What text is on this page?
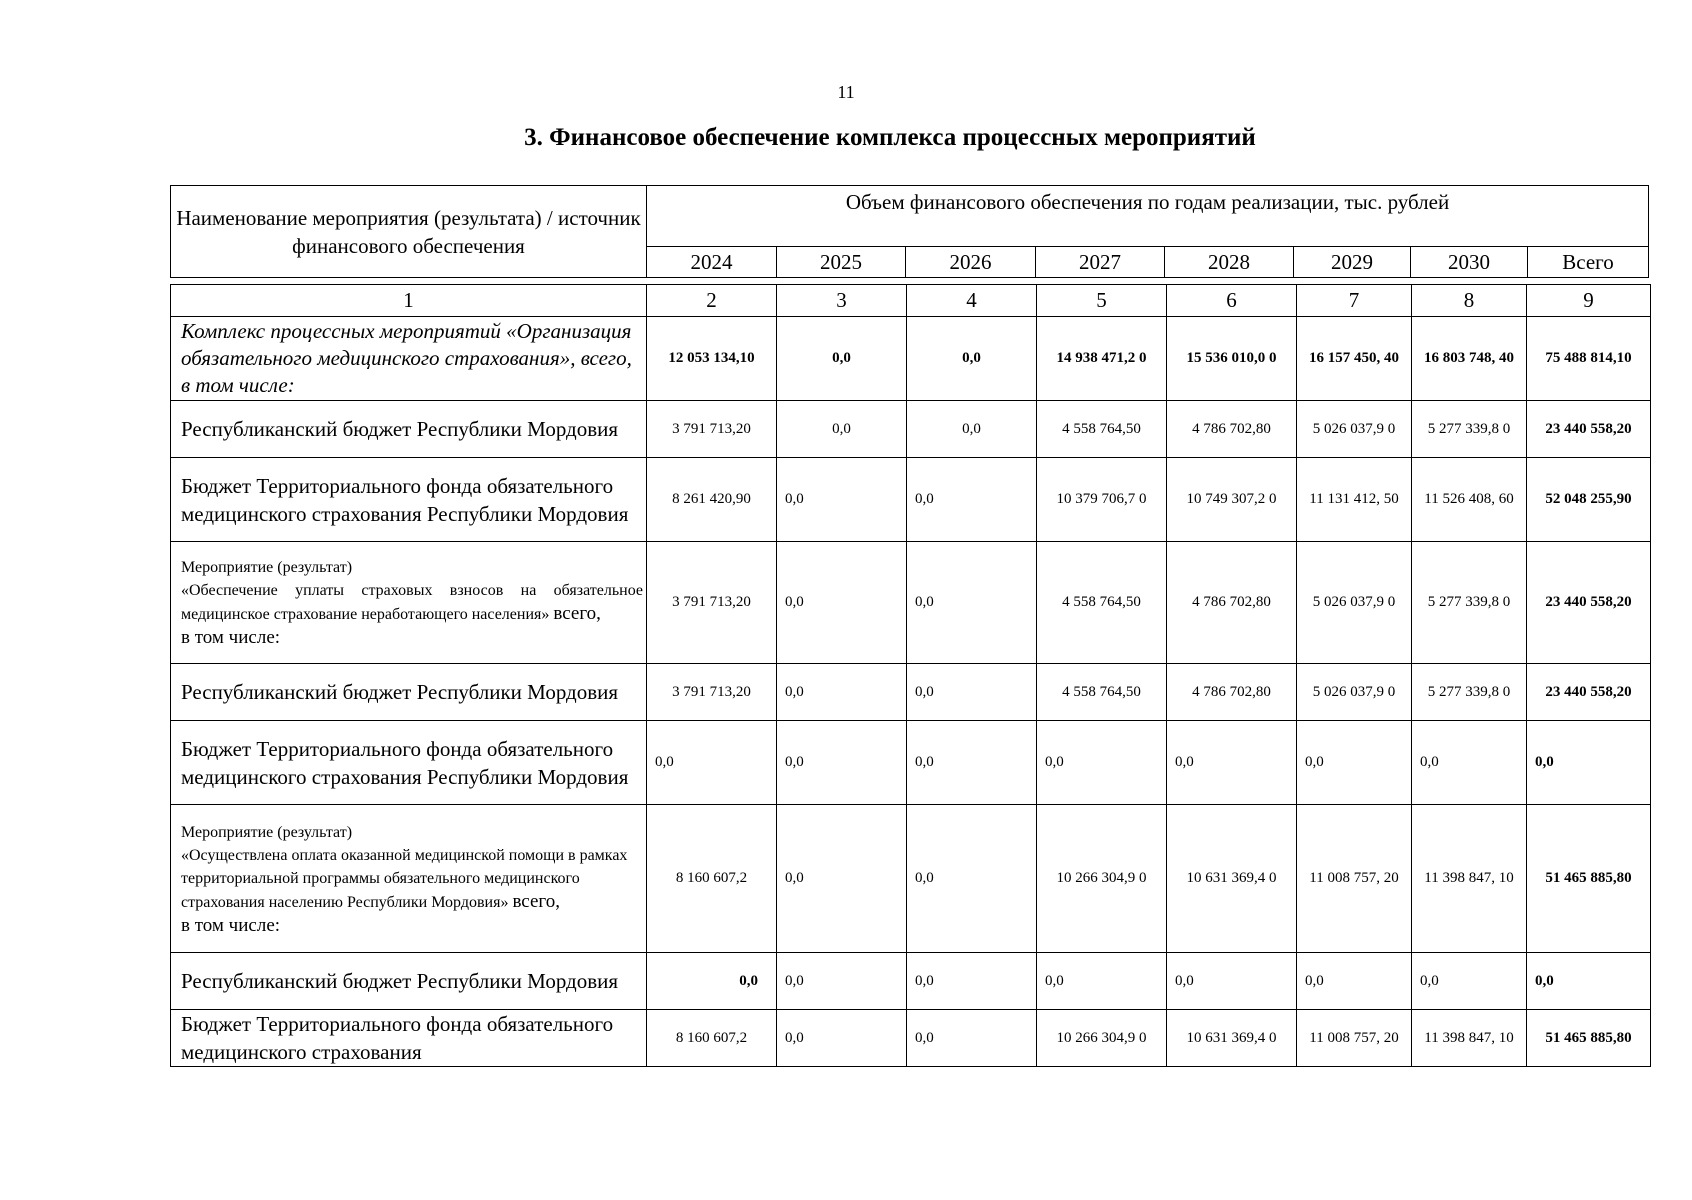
11
3. Финансовое обеспечение комплекса процессных мероприятий
Наименование мероприятия (результата) / источник финансового обеспечения	Объем финансового обеспечения по годам реализации, тыс. рублей							
	2024	2025	2026	2027	2028	2029	2030	Всего
1	2	3	4	5	6	7	8	9
Комплекс процессных мероприятий «Организация обязательного медицинского страхования», всего, в том числе:	12 053 134,10	0,0	0,0	14 938 471,2 0	15 536 010,0 0	16 157 450, 40	16 803 748, 40	75 488 814,10
Республиканский бюджет Республики Мордовия	3 791 713,20	0,0	0,0	4 558 764,50	4 786 702,80	5 026 037,9 0	5 277 339,8 0	23 440 558,20
Бюджет Территориального фонда обязательного медицинского страхования Республики Мордовия	8 261 420,90	0,0	0,0	10 379 706,7 0	10 749 307,2 0	11 131 412, 50	11 526 408, 60	52 048 255,90

Мероприятие (результат)
«Обеспечение уплаты страховых взносов на обязательное медицинское страхование неработающего населения» всего,
в том числе:	3 791 713,20	0,0	0,0	4 558 764,50	4 786 702,80	5 026 037,9 0	5 277 339,8 0	23 440 558,20
Республиканский бюджет Республики Мордовия	3 791 713,20	0,0	0,0	4 558 764,50	4 786 702,80	5 026 037,9 0	5 277 339,8 0	23 440 558,20
Бюджет Территориального фонда обязательного медицинского страхования Республики Мордовия	0,0	0,0	0,0	0,0	0,0	0,0	0,0	0,0

Мероприятие (результат)
«Осуществлена оплата оказанной медицинской помощи в рамках территориальной программы обязательного медицинского страхования населению Республики Мордовия» всего,
в том числе:	8 160 607,2	0,0	0,0	10 266 304,9 0	10 631 369,4 0	11 008 757, 20	11 398 847, 10	51 465 885,80
Республиканский бюджет Республики Мордовия	0,0	0,0	0,0	0,0	0,0	0,0	0,0	0,0
Бюджет Территориального фонда обязательного медицинского страхования	8 160 607,2	0,0	0,0	10 266 304,9 0	10 631 369,4 0	11 008 757, 20	11 398 847, 10	51 465 885,80
